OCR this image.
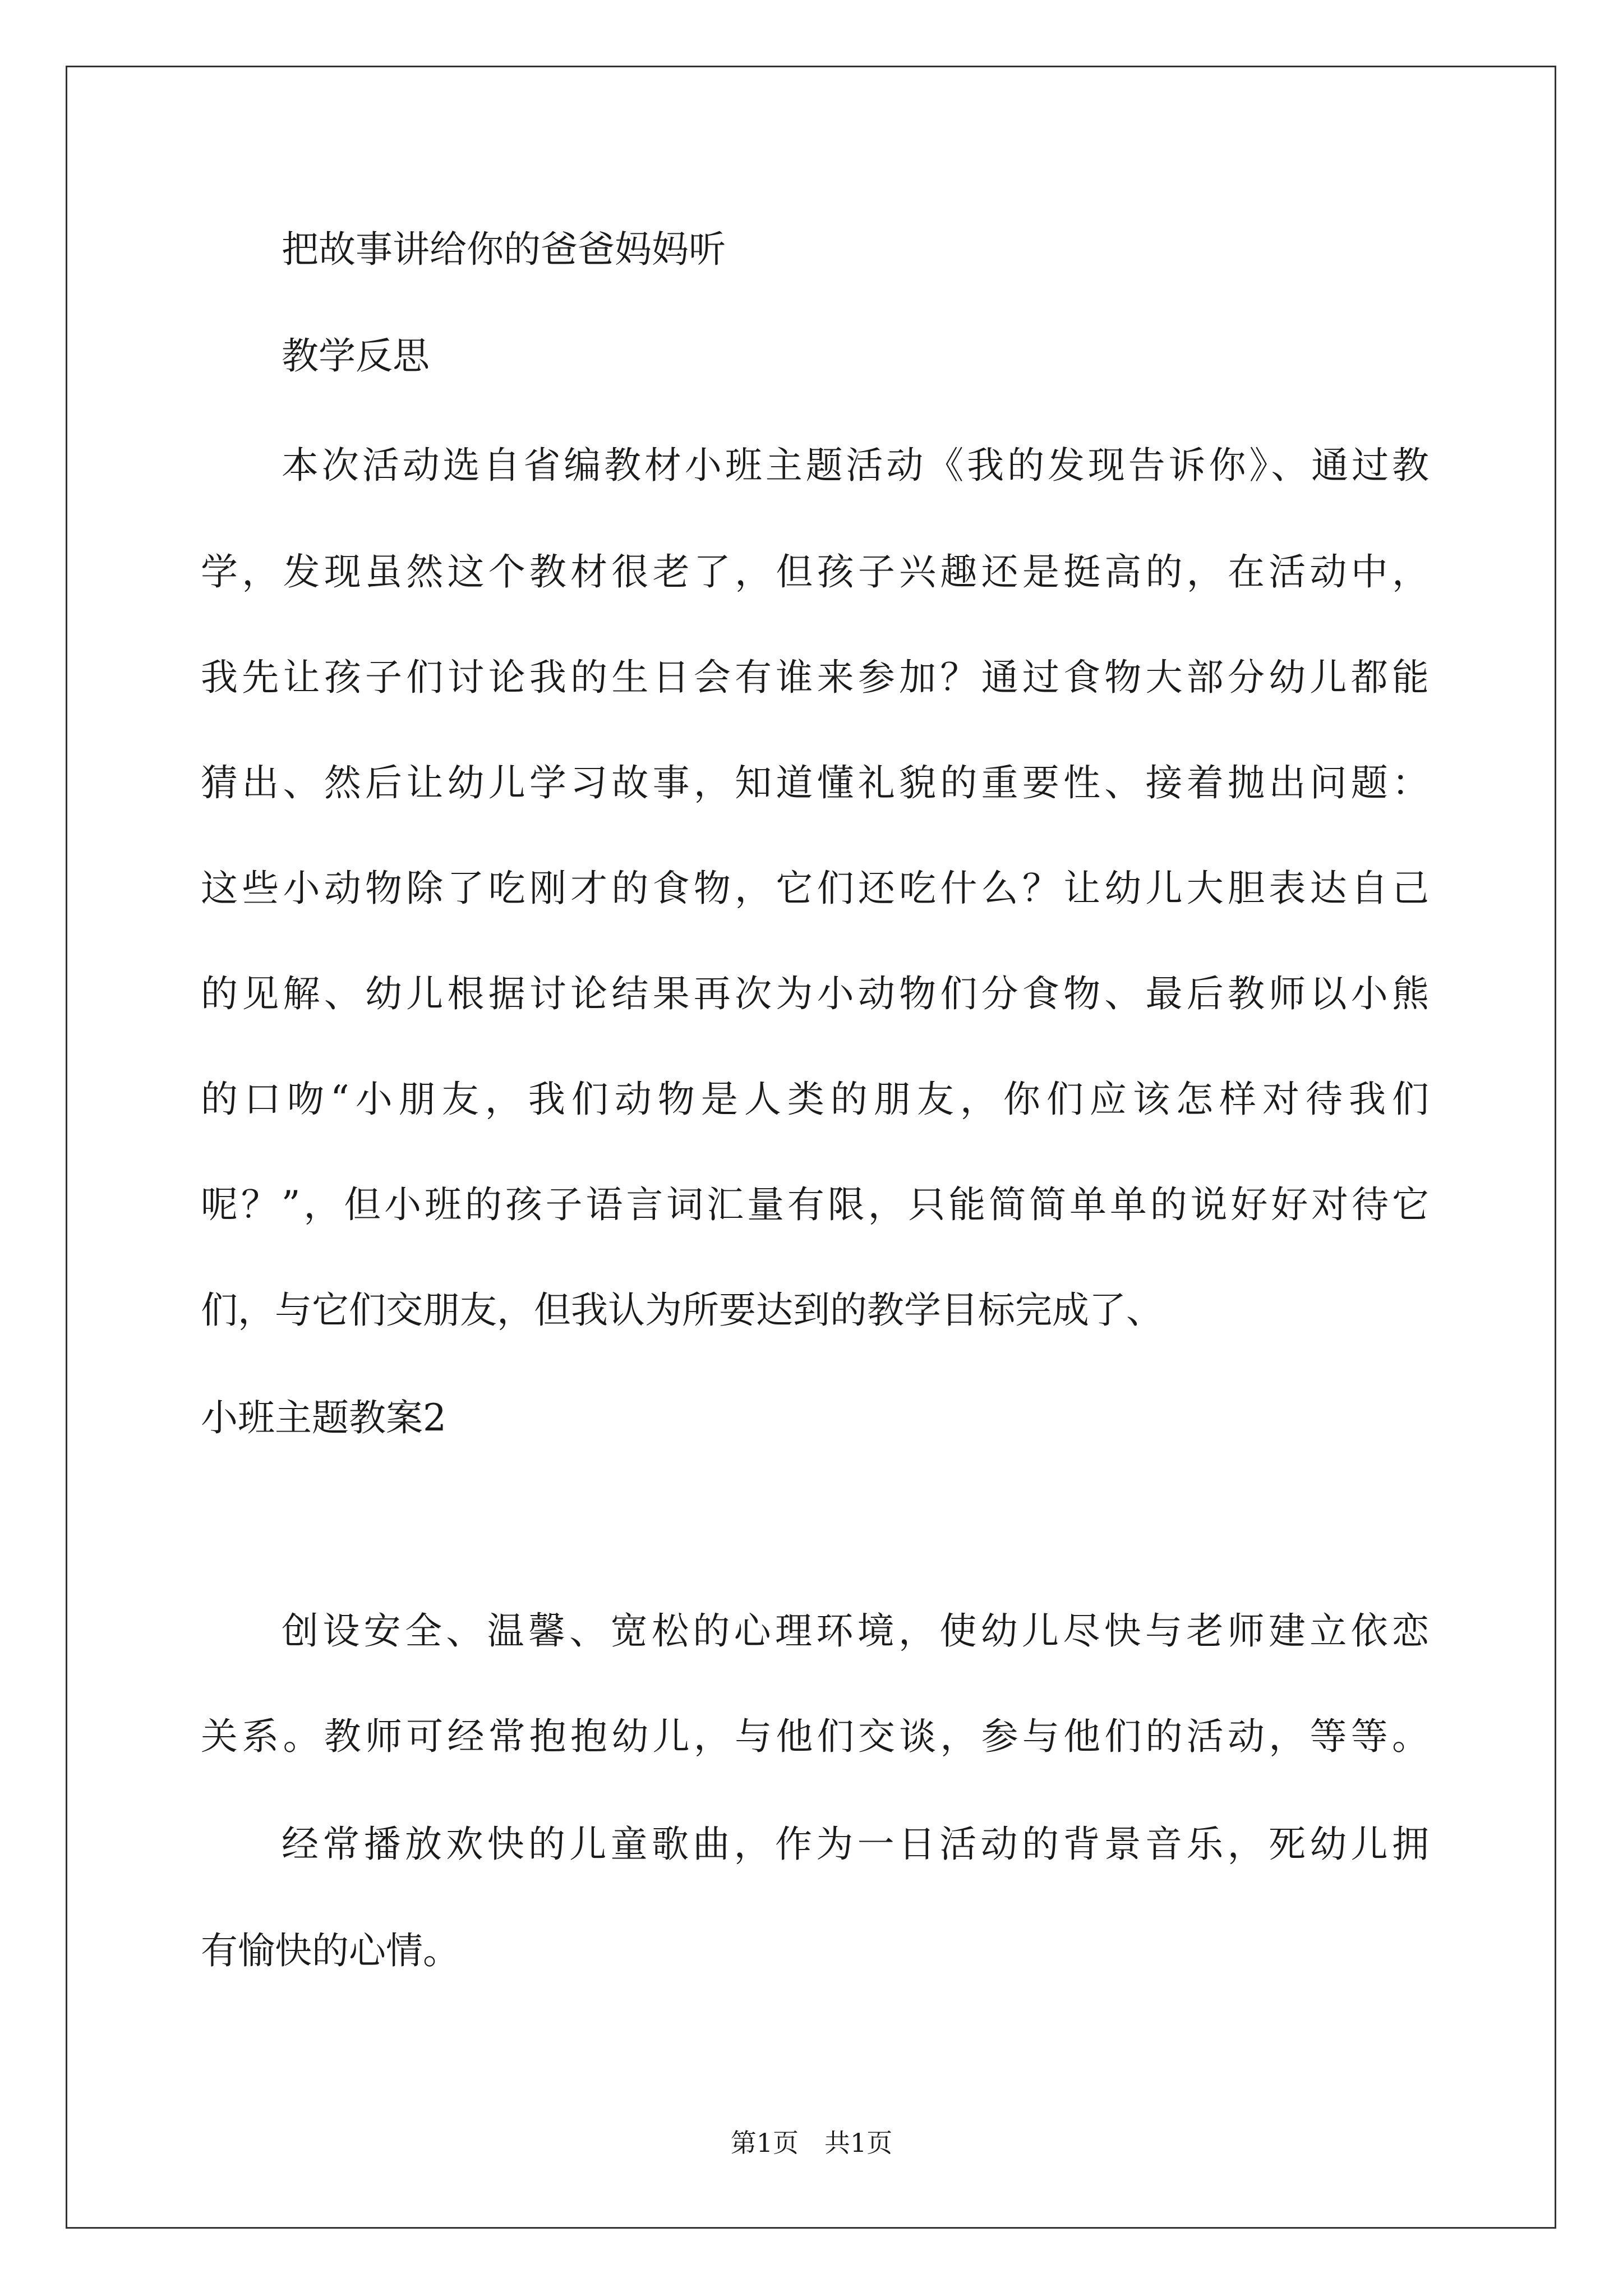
把故事讲给你的爸爸妈妈听
教学反思
本次活动选自省编教材小班主题活动《我的发现告诉你》、通过教
学，发现虽然这个教材很老了，但孩子兴趣还是挺高的，在活动中，
我先让孩子们讨论我的生日会有谁来参加？通过食物大部分幼儿都能
猜出、然后让幼儿学习故事，知道懂礼貌的重要性、接着抛出问题：
这些小动物除了吃刚才的食物，它们还吃什么？让幼儿大胆表达自己
的见解、幼儿根据讨论结果再次为小动物们分食物、最后教师以小熊
的口吻“小朋友，我们动物是人类的朋友，你们应该怎样对待我们
呢？”，但小班的孩子语言词汇量有限，只能简简单单的说好好对待它
们，与它们交朋友，但我认为所要达到的教学目标完成了、
小班主题教案2
创设安全、温馨、宽松的心理环境，使幼儿尽快与老师建立依恋
关系。教师可经常抱抱幼儿，与他们交谈，参与他们的活动，等等。
经常播放欢快的儿童歌曲，作为一日活动的背景音乐，死幼儿拥
有愉快的心情。
第1页　共1页
